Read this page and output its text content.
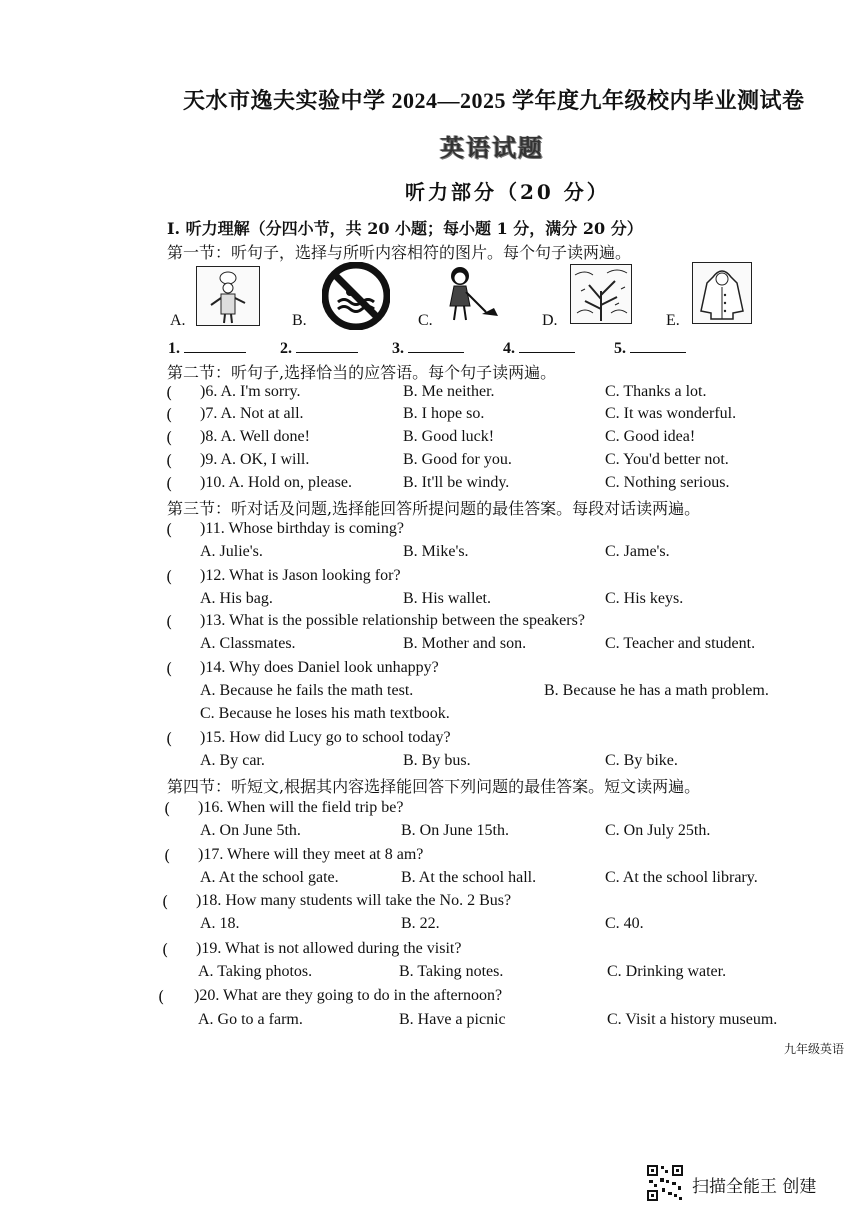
天水市逸夫实验中学 2024—2025 学年度九年级校内毕业测试卷
英语试题
听力部分（20 分）
I. 听力理解（分四小节，共 20 小题；每小题 1 分，满分 20 分）
第一节：听句子，选择与所听内容相符的图片。每个句子读两遍。
A.	B.	C.	D.	E.
1.	2.	3.	4.	5.
第二节：听句子,选择恰当的应答语。每个句子读两遍。
( )6. A. I'm sorry.	B. Me neither.	C. Thanks a lot.
( )7. A. Not at all.	B. I hope so.	C. It was wonderful.
( )8. A. Well done!	B. Good luck!	C. Good idea!
( )9. A. OK, I will.	B. Good for you.	C. You'd better not.
( )10. A. Hold on, please.	B. It'll be windy.	C. Nothing serious.
第三节：听对话及问题,选择能回答所提问题的最佳答案。每段对话读两遍。
( )11. Whose birthday is coming?
A. Julie's.	B. Mike's.	C. Jame's.
( )12. What is Jason looking for?
A. His bag.	B. His wallet.	C. His keys.
( )13. What is the possible relationship between the speakers?
A. Classmates.	B. Mother and son.	C. Teacher and student.
( )14. Why does Daniel look unhappy?
A. Because he fails the math test.	B. Because he has a math problem.
C. Because he loses his math textbook.
( )15. How did Lucy go to school today?
A. By car.	B. By bus.	C. By bike.
第四节：听短文,根据其内容选择能回答下列问题的最佳答案。短文读两遍。
( )16. When will the field trip be?
A. On June 5th.	B. On June 15th.	C. On July 25th.
( )17. Where will they meet at 8 am?
A. At the school gate.	B. At the school hall.	C. At the school library.
( )18. How many students will take the No. 2 Bus?
A. 18.	B. 22.	C. 40.
( )19. What is not allowed during the visit?
A. Taking photos.	B. Taking notes.	C. Drinking water.
( )20. What are they going to do in the afternoon?
A. Go to a farm.	B. Have a picnic	C. Visit a history museum.
九年级英语
扫描全能王 创建
